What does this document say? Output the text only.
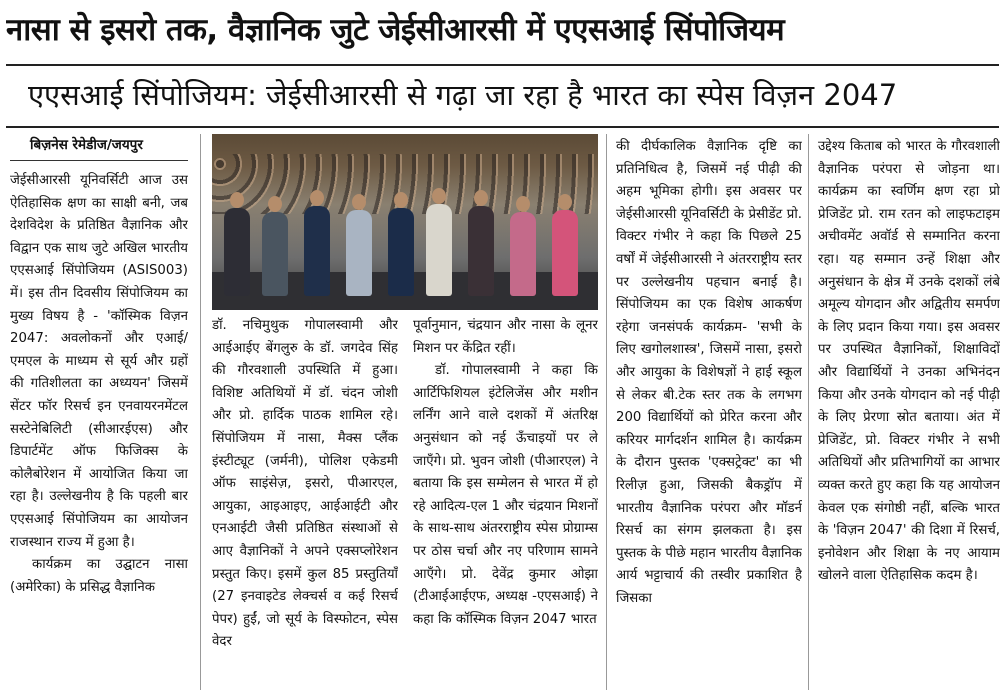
नासा से इसरो तक, वैज्ञानिक जुटे जेईसीआरसी में एएसआई सिंपोजियम
एएसआई सिंपोजियम: जेईसीआरसी से गढ़ा जा रहा है भारत का स्पेस विज़न 2047
बिज़नेस रेमेडीज/जयपुर

जेईसीआरसी यूनिवर्सिटी आज उस ऐतिहासिक क्षण का साक्षी बनी, जब देशविदेश के प्रतिष्ठित वैज्ञानिक और विद्वान एक साथ जुटे अखिल भारतीय एएसआई सिंपोजियम (ASIS003) में। इस तीन दिवसीय सिंपोजियम का मुख्य विषय है - 'कॉस्मिक विज़न 2047: अवलोकनों और एआई/एमएल के माध्यम से सूर्य और ग्रहों की गतिशीलता का अध्ययन' जिसमें सेंटर फॉर रिसर्च इन एनवायरनमेंटल सस्टेनेबिलिटी (सीआरईएस) और डिपार्टमेंट ऑफ फिजिक्स के कोलैबोरेशन में आयोजित किया जा रहा है। उल्लेखनीय है कि पहली बार एएसआई सिंपोजियम का आयोजन राजस्थान राज्य में हुआ है।

कार्यक्रम का उद्घाटन नासा (अमेरिका) के प्रसिद्ध वैज्ञानिक

डॉ. नचिमुथुक गोपालस्वामी और आईआईए बेंगलुरु के डॉ. जगदेव सिंह की गौरवशाली उपस्थिति में हुआ। विशिष्ट अतिथियों में डॉ. चंदन जोशी और प्रो. हार्दिक पाठक शामिल रहे। सिंपोजियम में नासा, मैक्स प्लैंक इंस्टीट्यूट (जर्मनी), पोलिश एकेडमी ऑफ साइंसेज़, इसरो, पीआरएल, आयुका, आइआइए, आईआईटी और एनआईटी जैसी प्रतिष्ठित संस्थाओं से आए वैज्ञानिकों ने अपने एक्सप्लोरेशन प्रस्तुत किए। इसमें कुल 85 प्रस्तुतियाँ (27 इनवाइटेड लेक्चर्स व कई रिसर्च पेपर) हुईं, जो सूर्य के विस्फोटन, स्पेस वेदर

पूर्वानुमान, चंद्रयान और नासा के लूनर मिशन पर केंद्रित रहीं।

डॉ. गोपालस्वामी ने कहा कि आर्टिफिशियल इंटेलिजेंस और मशीन लर्निंग आने वाले दशकों में अंतरिक्ष अनुसंधान को नई ऊँचाइयों पर ले जाएँगे। प्रो. भुवन जोशी (पीआरएल) ने बताया कि इस सम्मेलन से भारत में हो रहे आदित्य-एल 1 और चंद्रयान मिशनों के साथ-साथ अंतरराष्ट्रीय स्पेस प्रोग्राम्स पर ठोस चर्चा और नए परिणाम सामने आएँगे। प्रो. देवेंद्र कुमार ओझा (टीआईआईएफ, अध्यक्ष -एएसआई) ने कहा कि कॉस्मिक विज़न 2047 भारत

की दीर्घकालिक वैज्ञानिक दृष्टि का प्रतिनिधित्व है, जिसमें नई पीढ़ी की अहम भूमिका होगी। इस अवसर पर जेईसीआरसी यूनिवर्सिटी के प्रेसीडेंट प्रो. विक्टर गंभीर ने कहा कि पिछले 25 वर्षों में जेईसीआरसी ने अंतरराष्ट्रीय स्तर पर उल्लेखनीय पहचान बनाई है। सिंपोजियम का एक विशेष आकर्षण रहेगा जनसंपर्क कार्यक्रम- 'सभी के लिए खगोलशास्त्र', जिसमें नासा, इसरो और आयुका के विशेषज्ञों ने हाई स्कूल से लेकर बी.टेक स्तर तक के लगभग 200 विद्यार्थियों को प्रेरित करना और करियर मार्गदर्शन शामिल है। कार्यक्रम के दौरान पुस्तक 'एक्सट्रेक्ट' का भी रिलीज़ हुआ, जिसकी बैकड्रॉप में भारतीय वैज्ञानिक परंपरा और मॉडर्न रिसर्च का संगम झलकता है। इस पुस्तक के पीछे महान भारतीय वैज्ञानिक आर्य भट्टाचार्य की तस्वीर प्रकाशित है जिसका

उद्देश्य किताब को भारत के गौरवशाली वैज्ञानिक परंपरा से जोड़ना था। कार्यक्रम का स्वर्णिम क्षण रहा प्रो प्रेजिडेंट प्रो. राम रतन को लाइफटाइम अचीवमेंट अवॉर्ड से सम्मानित करना रहा। यह सम्मान उन्हें शिक्षा और अनुसंधान के क्षेत्र में उनके दशकों लंबे अमूल्य योगदान और अद्वितीय समर्पण के लिए प्रदान किया गया। इस अवसर पर उपस्थित वैज्ञानिकों, शिक्षाविदों और विद्यार्थियों ने उनका अभिनंदन किया और उनके योगदान को नई पीढ़ी के लिए प्रेरणा स्रोत बताया। अंत में प्रेजिडेंट, प्रो. विक्टर गंभीर ने सभी अतिथियों और प्रतिभागियों का आभार व्यक्त करते हुए कहा कि यह आयोजन केवल एक संगोष्ठी नहीं, बल्कि भारत के 'विज़न 2047' की दिशा में रिसर्च, इनोवेशन और शिक्षा के नए आयाम खोलने वाला ऐतिहासिक कदम है।
